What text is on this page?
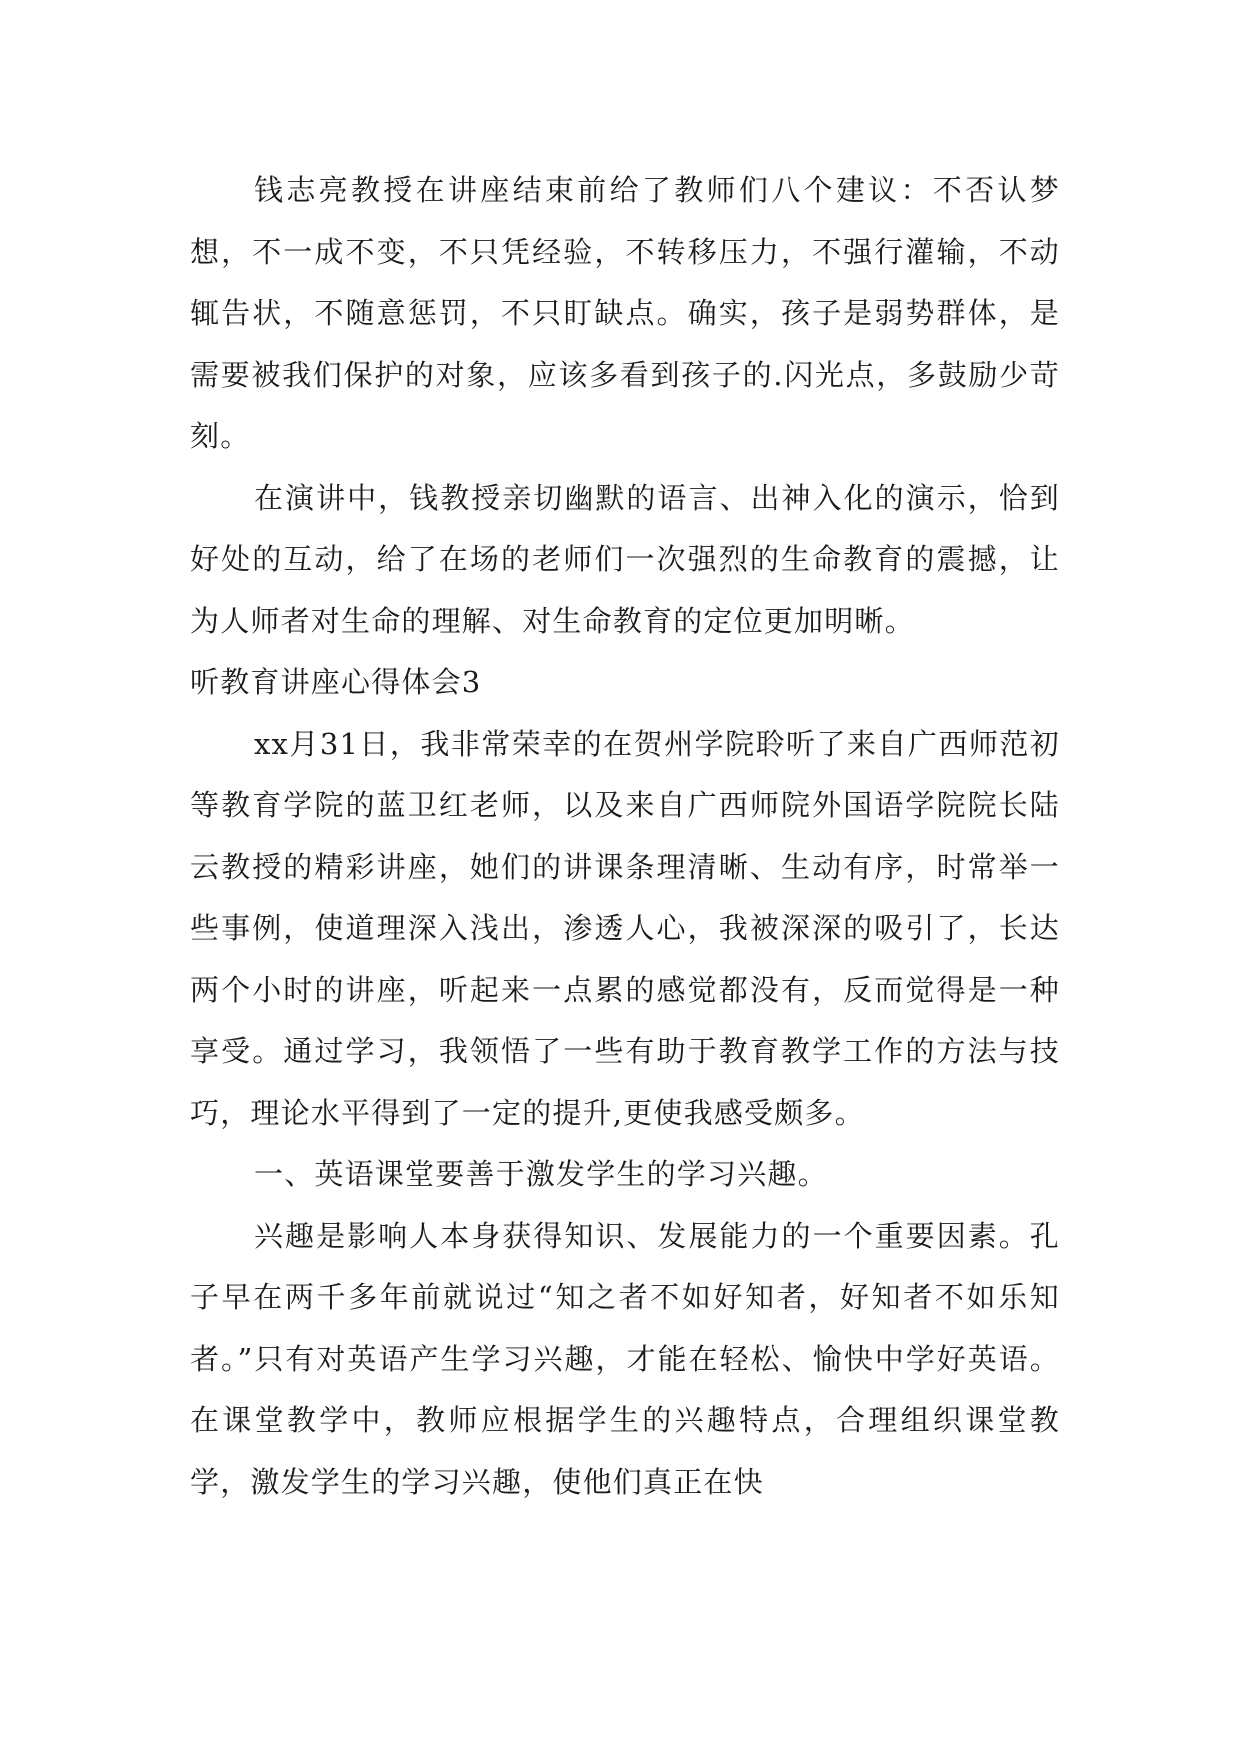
钱志亮教授在讲座结束前给了教师们八个建议：不否认梦想，不一成不变，不只凭经验，不转移压力，不强行灌输，不动辄告状，不随意惩罚，不只盯缺点。确实，孩子是弱势群体，是需要被我们保护的对象，应该多看到孩子的.闪光点，多鼓励少苛刻。

在演讲中，钱教授亲切幽默的语言、出神入化的演示，恰到好处的互动，给了在场的老师们一次强烈的生命教育的震撼，让为人师者对生命的理解、对生命教育的定位更加明晰。

听教育讲座心得体会3

xx月31日，我非常荣幸的在贺州学院聆听了来自广西师范初等教育学院的蓝卫红老师，以及来自广西师院外国语学院院长陆云教授的精彩讲座，她们的讲课条理清晰、生动有序，时常举一些事例，使道理深入浅出，渗透人心，我被深深的吸引了，长达两个小时的讲座，听起来一点累的感觉都没有，反而觉得是一种享受。通过学习，我领悟了一些有助于教育教学工作的方法与技巧，理论水平得到了一定的提升,更使我感受颇多。

一、英语课堂要善于激发学生的学习兴趣。

兴趣是影响人本身获得知识、发展能力的一个重要因素。孔子早在两千多年前就说过“知之者不如好知者，好知者不如乐知者。”只有对英语产生学习兴趣，才能在轻松、愉快中学好英语。在课堂教学中，教师应根据学生的兴趣特点，合理组织课堂教学，激发学生的学习兴趣，使他们真正在快
